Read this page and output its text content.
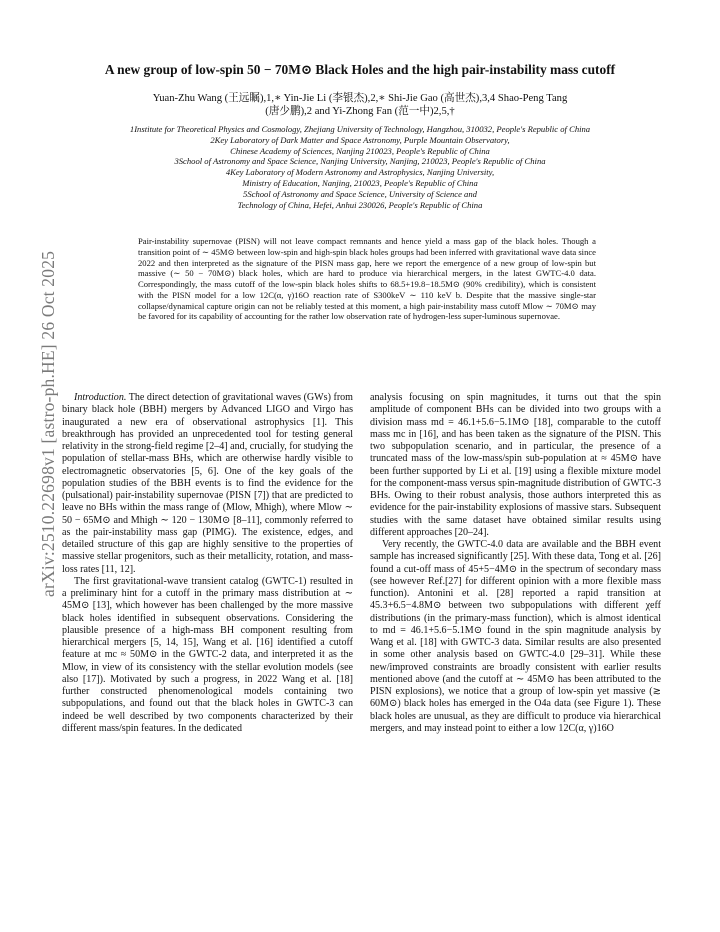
arXiv:2510.22698v1 [astro-ph.HE] 26 Oct 2025
A new group of low-spin 50 − 70M⊙ Black Holes and the high pair-instability mass cutoff
Yuan-Zhu Wang (王远瞩),1,∗ Yin-Jie Li (李银杰),2,∗ Shi-Jie Gao (高世杰),3,4 Shao-Peng Tang (唐少鹏),2 and Yi-Zhong Fan (范一中)2,5,†
1Institute for Theoretical Physics and Cosmology, Zhejiang University of Technology, Hangzhou, 310032, People's Republic of China
2Key Laboratory of Dark Matter and Space Astronomy, Purple Mountain Observatory,
Chinese Academy of Sciences, Nanjing 210023, People's Republic of China
3School of Astronomy and Space Science, Nanjing University, Nanjing, 210023, People's Republic of China
4Key Laboratory of Modern Astronomy and Astrophysics, Nanjing University,
Ministry of Education, Nanjing, 210023, People's Republic of China
5School of Astronomy and Space Science, University of Science and
Technology of China, Hefei, Anhui 230026, People's Republic of China
Pair-instability supernovae (PISN) will not leave compact remnants and hence yield a mass gap of the black holes. Though a transition point of ∼ 45M⊙ between low-spin and high-spin black holes groups had been inferred with gravitational wave data since 2022 and then interpreted as the signature of the PISN mass gap, here we report the emergence of a new group of low-spin but massive (∼ 50 − 70M⊙) black holes, which are hard to produce via hierarchical mergers, in the latest GWTC-4.0 data. Correspondingly, the mass cutoff of the low-spin black holes shifts to 68.5+19.8−18.5M⊙ (90% credibility), which is consistent with the PISN model for a low 12C(α, γ)16O reaction rate of S300keV ∼ 110 keV b. Despite that the massive single-star collapse/dynamical capture origin can not be reliably tested at this moment, a high pair-instability mass cutoff Mlow ∼ 70M⊙ may be favored for its capability of accounting for the rather low observation rate of hydrogen-less super-luminous supernovae.

Introduction. The direct detection of gravitational waves (GWs) from binary black hole (BBH) mergers by Advanced LIGO and Virgo has inaugurated a new era of observational astrophysics [1]. This breakthrough has provided an unprecedented tool for testing general relativity in the strong-field regime [2–4] and, crucially, for studying the population of stellar-mass BHs, which are otherwise hardly visible to electromagnetic observatories [5, 6]. One of the key goals of the population studies of the BBH events is to find the evidence for the (pulsational) pair-instability supernovae (PISN [7]) that are predicted to leave no BHs within the mass range of (Mlow, Mhigh), where Mlow ∼ 50 − 65M⊙ and Mhigh ∼ 120 − 130M⊙ [8–11], commonly referred to as the pair-instability mass gap (PIMG). The existence, edges, and detailed structure of this gap are highly sensitive to the properties of massive stellar progenitors, such as their metallicity, rotation, and mass-loss rates [11, 12].

The first gravitational-wave transient catalog (GWTC-1) resulted in a preliminary hint for a cutoff in the primary mass distribution at ∼ 45M⊙ [13], which however has been challenged by the more massive black holes identified in subsequent observations. Considering the plausible presence of a high-mass BH component resulting from hierarchical mergers [5, 14, 15], Wang et al. [16] identified a cutoff feature at mc ≈ 50M⊙ in the GWTC-2 data, and interpreted it as the Mlow, in view of its consistency with the stellar evolution models (see also [17]). Motivated by such a progress, in 2022 Wang et al. [18] further constructed phenomenological models containing two subpopulations, and found out that the black holes in GWTC-3 can indeed be well described by two components characterized by their different mass/spin features. In the dedicated

analysis focusing on spin magnitudes, it turns out that the spin amplitude of component BHs can be divided into two groups with a division mass md = 46.1+5.6−5.1M⊙ [18], comparable to the cutoff mass mc in [16], and has been taken as the signature of the PISN. This two subpopulation scenario, and in particular, the presence of a truncated mass of the low-mass/spin sub-population at ≈ 45M⊙ have been further supported by Li et al. [19] using a flexible mixture model for the component-mass versus spin-magnitude distribution of GWTC-3 BHs. Owing to their robust analysis, those authors interpreted this as evidence for the pair-instability explosions of massive stars. Subsequent studies with the same dataset have obtained similar results using different approaches [20–24].

Very recently, the GWTC-4.0 data are available and the BBH event sample has increased significantly [25]. With these data, Tong et al. [26] found a cut-off mass of 45+5−4M⊙ in the spectrum of secondary mass (see however Ref.[27] for different opinion with a more flexible mass function). Antonini et al. [28] reported a rapid transition at 45.3+6.5−4.8M⊙ between two subpopulations with different χeff distributions (in the primary-mass function), which is almost identical to md = 46.1+5.6−5.1M⊙ found in the spin magnitude analysis by Wang et al. [18] with GWTC-3 data. Similar results are also presented in some other analysis based on GWTC-4.0 [29–31]. While these new/improved constraints are broadly consistent with earlier results mentioned above (and the cutoff at ∼ 45M⊙ has been attributed to the PISN explosions), we notice that a group of low-spin yet massive (≳ 60M⊙) black holes has emerged in the O4a data (see Figure 1). These black holes are unusual, as they are difficult to produce via hierarchical mergers, and may instead point to either a low 12C(α, γ)16O
